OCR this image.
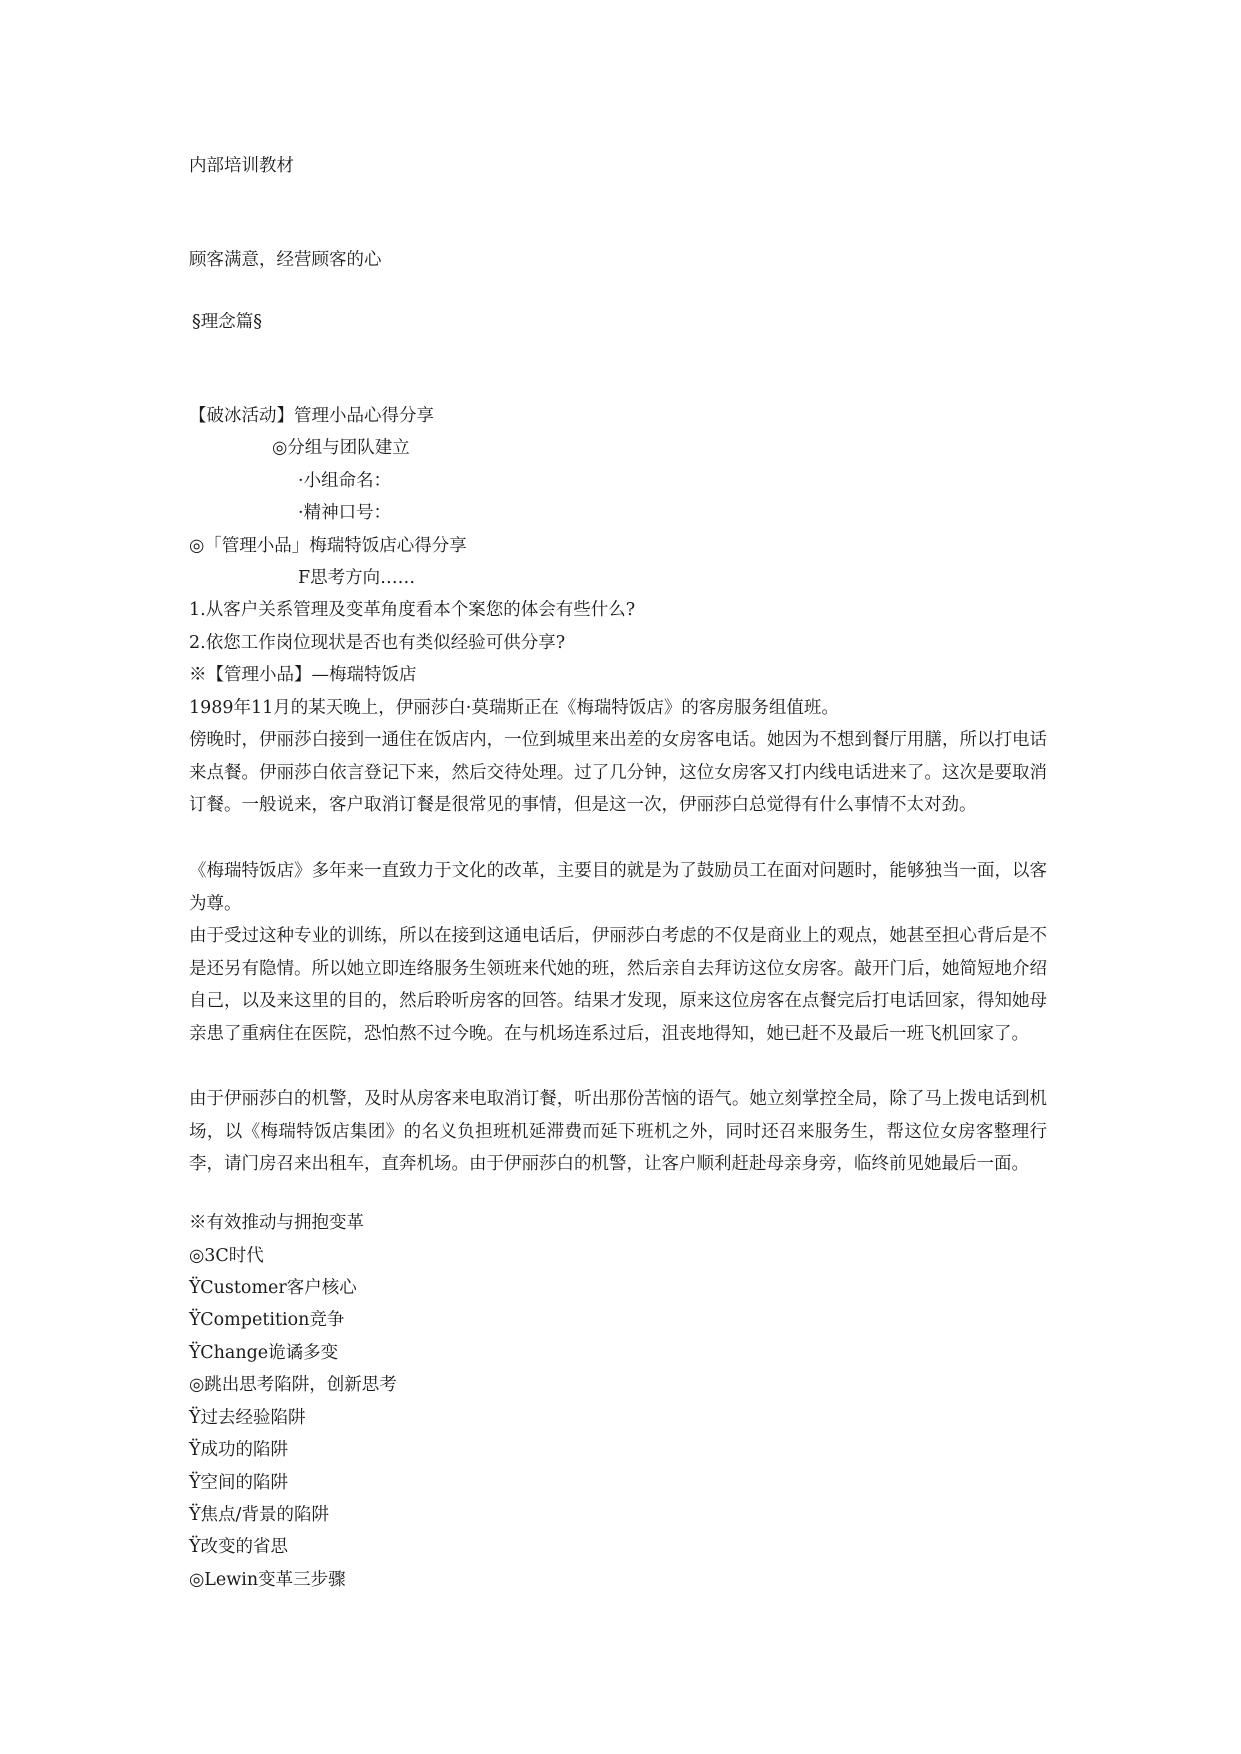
内部培训教材
顾客满意，经营顾客的心
§理念篇§
【破冰活动】管理小品心得分享
◎分组与团队建立
·小组命名：
·精神口号：
◎「管理小品」梅瑞特饭店心得分享
F思考方向……
1.从客户关系管理及变革角度看本个案您的体会有些什么?
2.依您工作岗位现状是否也有类似经验可供分享?
※【管理小品】—梅瑞特饭店
1989年11月的某天晚上，伊丽莎白·莫瑞斯正在《梅瑞特饭店》的客房服务组值班。
傍晚时，伊丽莎白接到一通住在饭店内，一位到城里来出差的女房客电话。她因为不想到餐厅用膳，所以打电话来点餐。伊丽莎白依言登记下来，然后交待处理。过了几分钟，这位女房客又打内线电话进来了。这次是要取消订餐。一般说来，客户取消订餐是很常见的事情，但是这一次，伊丽莎白总觉得有什么事情不太对劲。
《梅瑞特饭店》多年来一直致力于文化的改革，主要目的就是为了鼓励员工在面对问题时，能够独当一面，以客为尊。
由于受过这种专业的训练，所以在接到这通电话后，伊丽莎白考虑的不仅是商业上的观点，她甚至担心背后是不是还另有隐情。所以她立即连络服务生领班来代她的班，然后亲自去拜访这位女房客。敲开门后，她简短地介绍自己，以及来这里的目的，然后聆听房客的回答。结果才发现，原来这位房客在点餐完后打电话回家，得知她母亲患了重病住在医院，恐怕熬不过今晚。在与机场连系过后，沮丧地得知，她已赶不及最后一班飞机回家了。
由于伊丽莎白的机警，及时从房客来电取消订餐，听出那份苦恼的语气。她立刻掌控全局，除了马上拨电话到机场，以《梅瑞特饭店集团》的名义负担班机延滞费而延下班机之外，同时还召来服务生，帮这位女房客整理行李，请门房召来出租车，直奔机场。由于伊丽莎白的机警，让客户顺利赶赴母亲身旁，临终前见她最后一面。
※有效推动与拥抱变革
◎3C时代
ŸCustomer客户核心
ŸCompetition竞争
ŸChange诡谲多变
◎跳出思考陷阱，创新思考
Ÿ过去经验陷阱
Ÿ成功的陷阱
Ÿ空间的陷阱
Ÿ焦点/背景的陷阱
Ÿ改变的省思
◎Lewin变革三步骤
